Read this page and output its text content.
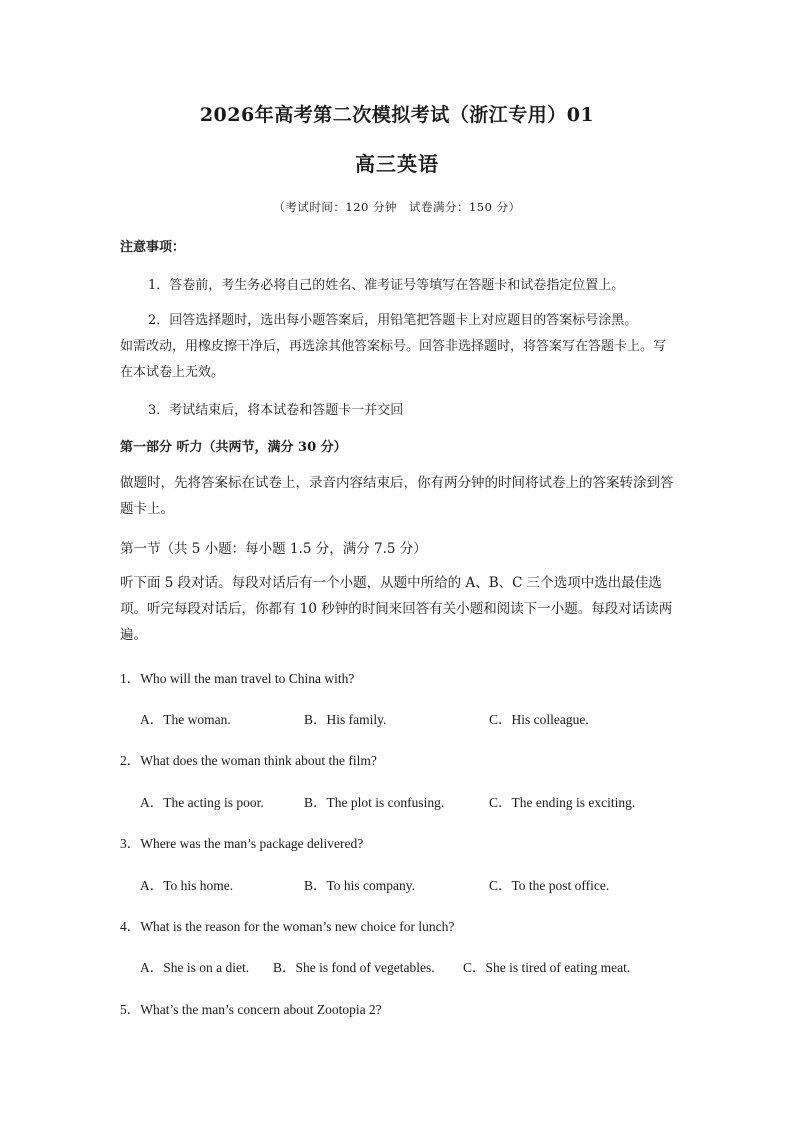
2026年高考第二次模拟考试（浙江专用）01
高三英语
（考试时间：120 分钟　试卷满分：150 分）
注意事项：
1．答卷前，考生务必将自己的姓名、准考证号等填写在答题卡和试卷指定位置上。
2．回答选择题时，选出每小题答案后，用铅笔把答题卡上对应题目的答案标号涂黑。
如需改动，用橡皮擦干净后，再选涂其他答案标号。回答非选择题时，将答案写在答题卡上。写在本试卷上无效。
3．考试结束后，将本试卷和答题卡一并交回
第一部分 听力（共两节，满分 30 分）
做题时，先将答案标在试卷上，录音内容结束后，你有两分钟的时间将试卷上的答案转涂到答题卡上。
第一节（共 5 小题：每小题 1.5 分，满分 7.5 分）
听下面 5 段对话。每段对话后有一个小题，从题中所给的 A、B、C 三个选项中选出最佳选项。听完每段对话后，你都有 10 秒钟的时间来回答有关小题和阅读下一小题。每段对话读两遍。
1．Who will the man travel to China with?
A．The woman.	B．His family.	C．His colleague.
2．What does the woman think about the film?
A．The acting is poor.	B．The plot is confusing.	C．The ending is exciting.
3．Where was the man’s package delivered?
A．To his home.	B．To his company.	C．To the post office.
4．What is the reason for the woman’s new choice for lunch?
A．She is on a diet. B．She is fond of vegetables. C．She is tired of eating meat.
5．What’s the man’s concern about Zootopia 2?
